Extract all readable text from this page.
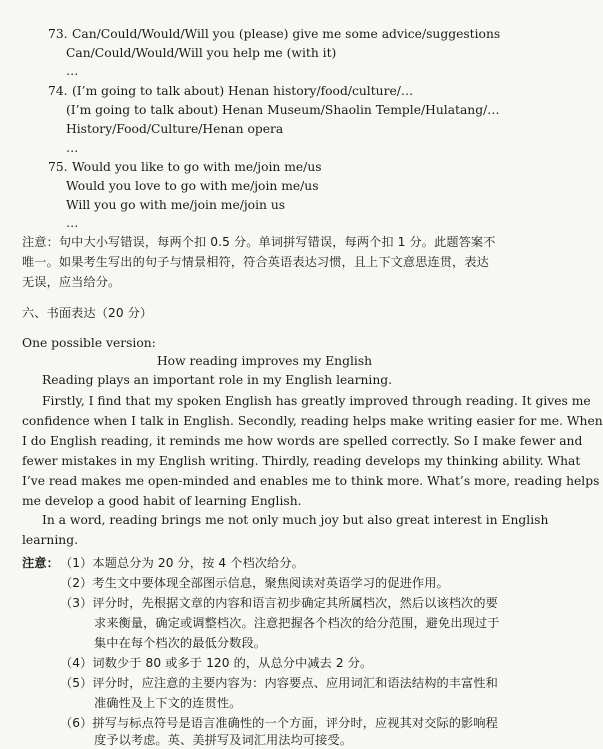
73. Can/Could/Would/Will you (please) give me some advice/suggestions
Can/Could/Would/Will you help me (with it)
…
74. (I’m going to talk about) Henan history/food/culture/…
(I’m going to talk about) Henan Museum/Shaolin Temple/Hulatang/…
History/Food/Culture/Henan opera
…
75. Would you like to go with me/join me/us
Would you love to go with me/join me/us
Will you go with me/join me/join us
…
注意：句中大小写错误，每两个扣 0.5 分。单词拼写错误，每两个扣 1 分。此题答案不
唯一。如果考生写出的句子与情景相符，符合英语表达习惯，且上下文意思连贯，表达
无误，应当给分。
六、书面表达（20 分）
One possible version:
How reading improves my English
Reading plays an important role in my English learning.
Firstly, I find that my spoken English has greatly improved through reading. It gives me
confidence when I talk in English. Secondly, reading helps make writing easier for me. When
I do English reading, it reminds me how words are spelled correctly. So I make fewer and
fewer mistakes in my English writing. Thirdly, reading develops my thinking ability. What
I’ve read makes me open-minded and enables me to think more. What’s more, reading helps
me develop a good habit of learning English.
In a word, reading brings me not only much joy but also great interest in English
learning.
注意： （1）本题总分为 20 分，按 4 个档次给分。
（2）考生文中要体现全部图示信息，聚焦阅读对英语学习的促进作用。
（3）评分时，先根据文章的内容和语言初步确定其所属档次，然后以该档次的要
求来衡量，确定或调整档次。注意把握各个档次的给分范围，避免出现过于
集中在每个档次的最低分数段。
（4）词数少于 80 或多于 120 的，从总分中减去 2 分。
（5）评分时，应注意的主要内容为：内容要点、应用词汇和语法结构的丰富性和
准确性及上下文的连贯性。
（6）拼写与标点符号是语言准确性的一个方面，评分时，应视其对交际的影响程
度予以考虑。英、美拼写及词汇用法均可接受。
